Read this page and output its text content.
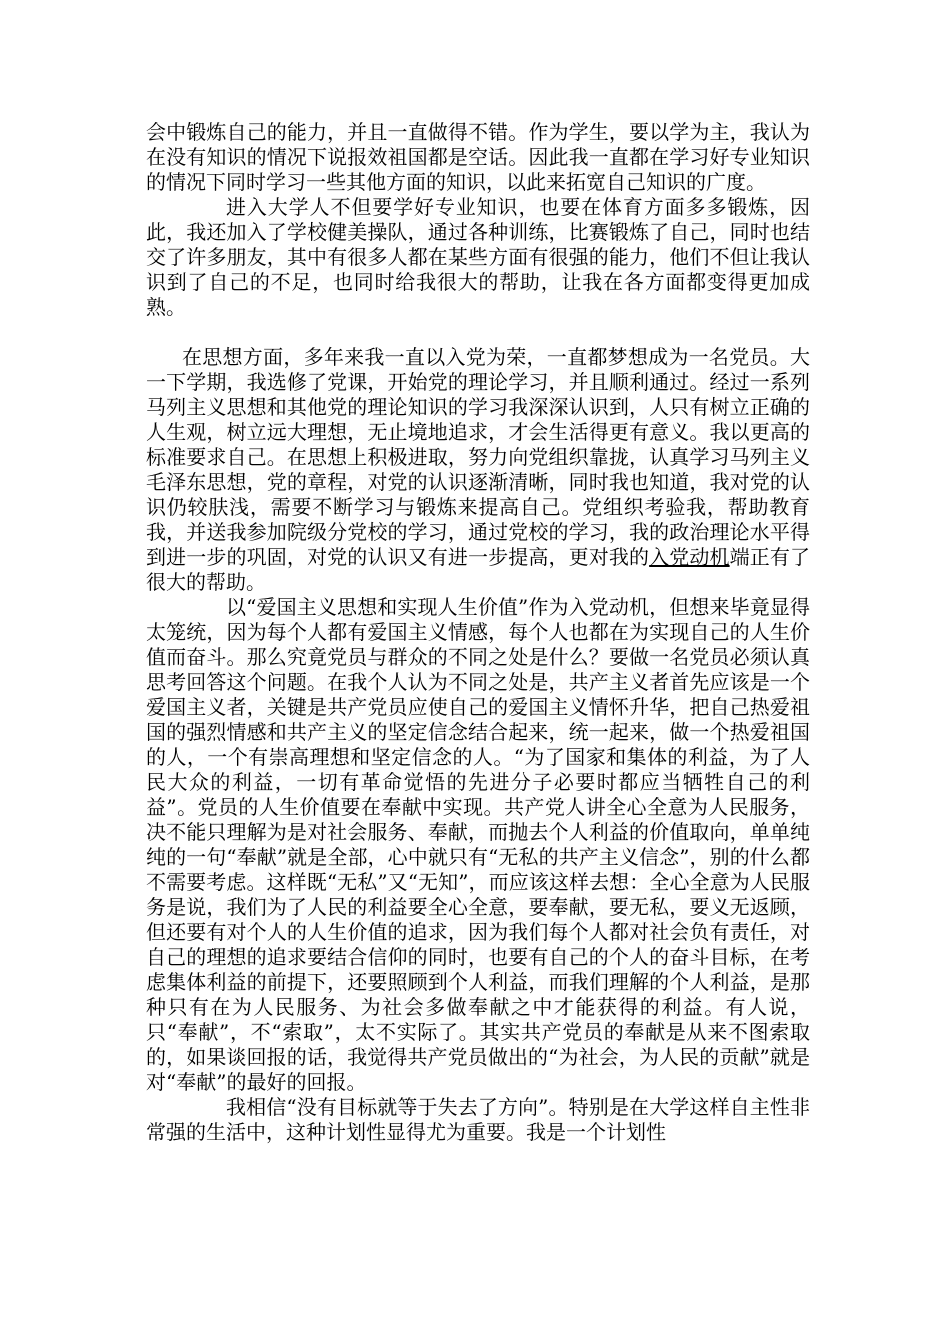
会中锻炼自己的能力，并且一直做得不错。作为学生，要以学为主，我认为在没有知识的情况下说报效祖国都是空话。因此我一直都在学习好专业知识的情况下同时学习一些其他方面的知识，以此来拓宽自己知识的广度。

进入大学人不但要学好专业知识，也要在体育方面多多锻炼，因此，我还加入了学校健美操队，通过各种训练，比赛锻炼了自己，同时也结交了许多朋友，其中有很多人都在某些方面有很强的能力，他们不但让我认识到了自己的不足，也同时给我很大的帮助，让我在各方面都变得更加成熟。

在思想方面，多年来我一直以入党为荣，一直都梦想成为一名党员。大一下学期，我选修了党课，开始党的理论学习，并且顺利通过。经过一系列马列主义思想和其他党的理论知识的学习我深深认识到，人只有树立正确的人生观，树立远大理想，无止境地追求，才会生活得更有意义。我以更高的标准要求自己。在思想上积极进取，努力向党组织靠拢，认真学习马列主义毛泽东思想，党的章程，对党的认识逐渐清晰，同时我也知道，我对党的认识仍较肤浅，需要不断学习与锻炼来提高自己。党组织考验我，帮助教育我，并送我参加院级分党校的学习，通过党校的学习，我的政治理论水平得到进一步的巩固，对党的认识又有进一步提高，更对我的入党动机端正有了很大的帮助。

以“爱国主义思想和实现人生价值”作为入党动机，但想来毕竟显得太笼统，因为每个人都有爱国主义情感，每个人也都在为实现自己的人生价值而奋斗。那么究竟党员与群众的不同之处是什么？要做一名党员必须认真思考回答这个问题。在我个人认为不同之处是，共产主义者首先应该是一个爱国主义者，关键是共产党员应使自己的爱国主义情怀升华，把自己热爱祖国的强烈情感和共产主义的坚定信念结合起来，统一起来，做一个热爱祖国的人，一个有崇高理想和坚定信念的人。“为了国家和集体的利益，为了人民大众的利益，一切有革命觉悟的先进分子必要时都应当牺牲自己的利益”。党员的人生价值要在奉献中实现。共产党人讲全心全意为人民服务，决不能只理解为是对社会服务、奉献，而抛去个人利益的价值取向，单单纯纯的一句“奉献”就是全部，心中就只有“无私的共产主义信念”，别的什么都不需要考虑。这样既“无私”又“无知”，而应该这样去想：全心全意为人民服务是说，我们为了人民的利益要全心全意，要奉献，要无私，要义无返顾，但还要有对个人的人生价值的追求，因为我们每个人都对社会负有责任，对自己的理想的追求要结合信仰的同时，也要有自己的个人的奋斗目标，在考虑集体利益的前提下，还要照顾到个人利益，而我们理解的个人利益，是那种只有在为人民服务、为社会多做奉献之中才能获得的利益。有人说，只“奉献”，不“索取”，太不实际了。其实共产党员的奉献是从来不图索取的，如果谈回报的话，我觉得共产党员做出的“为社会，为人民的贡献”就是对“奉献”的最好的回报。

我相信“没有目标就等于失去了方向”。特别是在大学这样自主性非常强的生活中，这种计划性显得尤为重要。我是一个计划性
